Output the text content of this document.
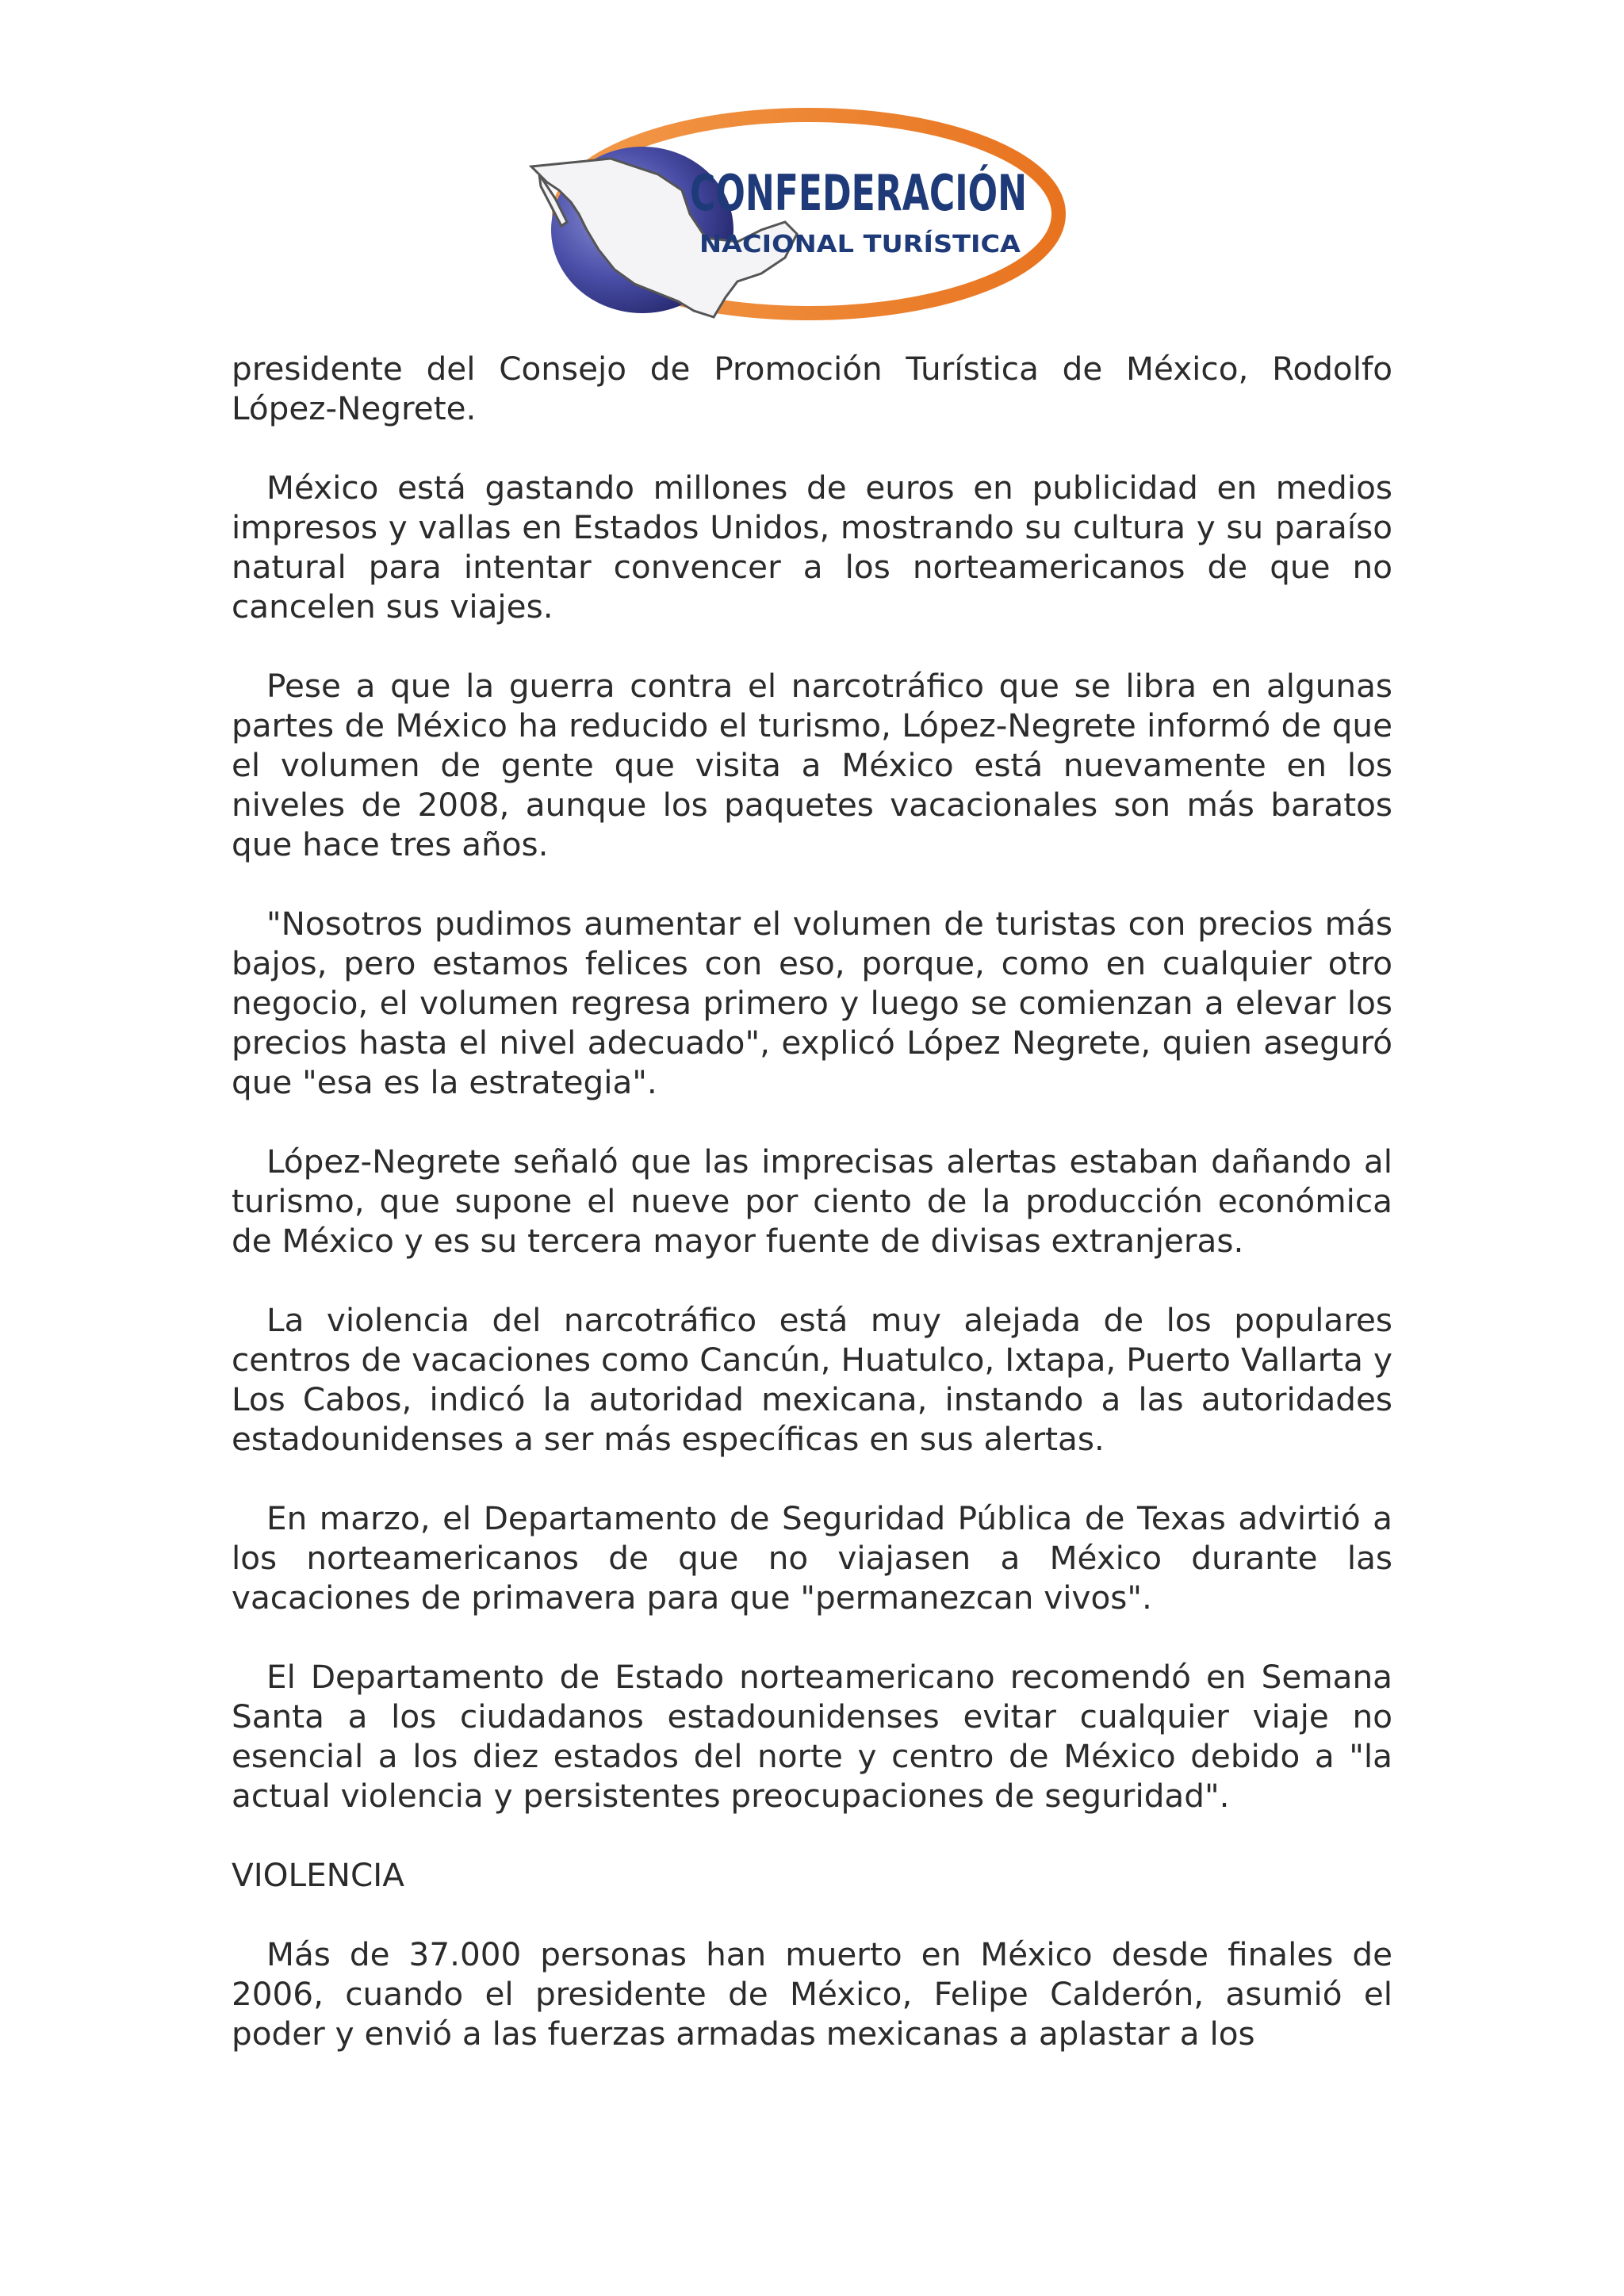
CONFEDERACIÓN
NACIONAL TURÍSTICA

presidente del Consejo de Promoción Turística de México, Rodolfo López-Negrete.

México está gastando millones de euros en publicidad en medios impresos y vallas en Estados Unidos, mostrando su cultura y su paraíso natural para intentar convencer a los norteamericanos de que no cancelen sus viajes.

Pese a que la guerra contra el narcotráfico que se libra en algunas partes de México ha reducido el turismo, López-Negrete informó de que el volumen de gente que visita a México está nuevamente en los niveles de 2008, aunque los paquetes vacacionales son más baratos que hace tres años.

"Nosotros pudimos aumentar el volumen de turistas con precios más bajos, pero estamos felices con eso, porque, como en cualquier otro negocio, el volumen regresa primero y luego se comienzan a elevar los precios hasta el nivel adecuado", explicó López Negrete, quien aseguró que "esa es la estrategia".

López-Negrete señaló que las imprecisas alertas estaban dañando al turismo, que supone el nueve por ciento de la producción económica de México y es su tercera mayor fuente de divisas extranjeras.

La violencia del narcotráfico está muy alejada de los populares centros de vacaciones como Cancún, Huatulco, Ixtapa, Puerto Vallarta y Los Cabos, indicó la autoridad mexicana, instando a las autoridades estadounidenses a ser más específicas en sus alertas.

En marzo, el Departamento de Seguridad Pública de Texas advirtió a los norteamericanos de que no viajasen a México durante las vacaciones de primavera para que "permanezcan vivos".

El Departamento de Estado norteamericano recomendó en Semana Santa a los ciudadanos estadounidenses evitar cualquier viaje no esencial a los diez estados del norte y centro de México debido a "la actual violencia y persistentes preocupaciones de seguridad".

VIOLENCIA

Más de 37.000 personas han muerto en México desde finales de 2006, cuando el presidente de México, Felipe Calderón, asumió el poder y envió a las fuerzas armadas mexicanas a aplastar a los
